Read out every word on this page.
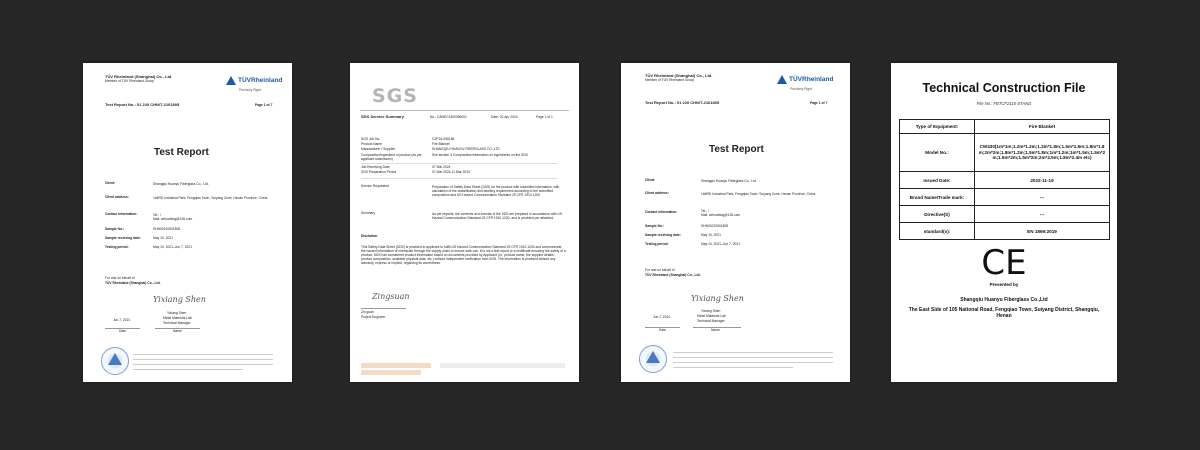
TÜV Rheinland (Shanghai) Co., Ltd.
Member of TÜV Rheinland Group	TÜVRheinland
Precisely Right.
Test Report No.: 01 220 CHN/T-2101805	Page 1 of 7
Test Report
Client:	Shangqiu Huanyu Fiberglass Co., Ltd.
Client address:	1##RD Industrial Park, Fengqiao Town, Suiyang Zone, Henan Province, China
Contact information:	Tel.: /
Mail: cehuafang@126.com
Sample No.:	SHN00210501805
Sample receiving date:	May 10, 2021
Testing period:	May 10, 2021–Jun 7, 2021
For and on behalf of
TÜV Rheinland (Shanghai) Co., Ltd.
Yixiang Shen
Jun.7, 2021
Yixiang Shen
Metal Materials Lab
Technical Manager
Date	Name
SGS
SDS Service Summary	No.: CANEC2400396001	Date: 02 Apr 2024	Page 1 of 1
SGS Job No.	CZP24-006186
Product Name	Fire Blanket
Manufacturer / Supplier	SHANGQIU HUANYU FIBERGLASS CO.,LTD
Composition/Ingredient of product (as per applicant submission)
See section 3 Composition/information on ingredients on the SDS
Job Receiving Date	07 Mar 2024
SDS Preparation Period	07 Mar 2024-11 Mar 2024
Service Requested	Preparation of Safety Data Sheet (SDS) for the product with submitted information, with calculation of the classification and labeling requirement according to the submitted composition and US Hazard Communication Standard 29 CFR 1910.1200
Summary	As per request, the contents and formats of the SDS are prepared in accordance with US Hazard Communication Standard 29 CFR 1910.1200, and is provided per attached.
Disclaimer
This Safety Data Sheet (SDS) is provided to applicant to fulfill US Hazard Communication Standard 29 CFR 1910.1200 and communicate the hazard information of chemicals through the supply chain to ensure safe use. It is not a test report or a certificate ensuring the safety of a product. SDS has considered product information based on documents provided by Applicant (i.e. product name, the supplier details, product composition, available physical data, etc.) without independent verification from SGS. The information is provided without any warranty, express or implied, regarding its correctness.
Zingsuan
Zhi guan
Project Engineer
TÜV Rheinland (Shanghai) Co., Ltd.
Member of TÜV Rheinland Group	TÜVRheinland
Precisely Right.
Test Report No.: 01 220 CHN/T-2101805	Page 1 of 7
Test Report
Client:	Shangqiu Huanyu Fiberglass Co., Ltd.
Client address:	1##RD Industrial Park, Fengqiao Town, Suiyang Zone, Henan Province, China
Contact information:	Tel.: /
Mail: cehuafang@126.com
Sample No.:	SHN00210501805
Sample receiving date:	May 10, 2021
Testing period:	May 10, 2021–Jun 7, 2021
For and on behalf of
TÜV Rheinland (Shanghai) Co., Ltd.
Yixiang Shen
Jun.7, 2021
Yixiang Shen
Metal Materials Lab
Technical Manager
Date	Name
Technical Construction File
File No.: FBTCF2115-STAND
Type of Equipment:	Fire Blanket
Model No.:	CW430(1m*1m;1.2m*1.2m;1.2m*1.8m;1.5m*1.5m;1.8m*1.8m;2m*2m;1.8m*1.2m;1.5m*1.8m;1m*1.2m;1m*1.5m;1.5m*2m;1.5m*2m;1.5m*2m;2m*2.5m;1.8m*2.4m etc)
Issued Date:	2022-11-19
Brand Name/Trade mark:	---
Directive(S)	---
standard(s):	EN 1869:2019
CE
Presented by
Shangqiu Huanyu Fiberglass Co.,Ltd
The East Side of 105 National Road, Fengqiao Town, Suiyang District, Shangqiu, Henan
